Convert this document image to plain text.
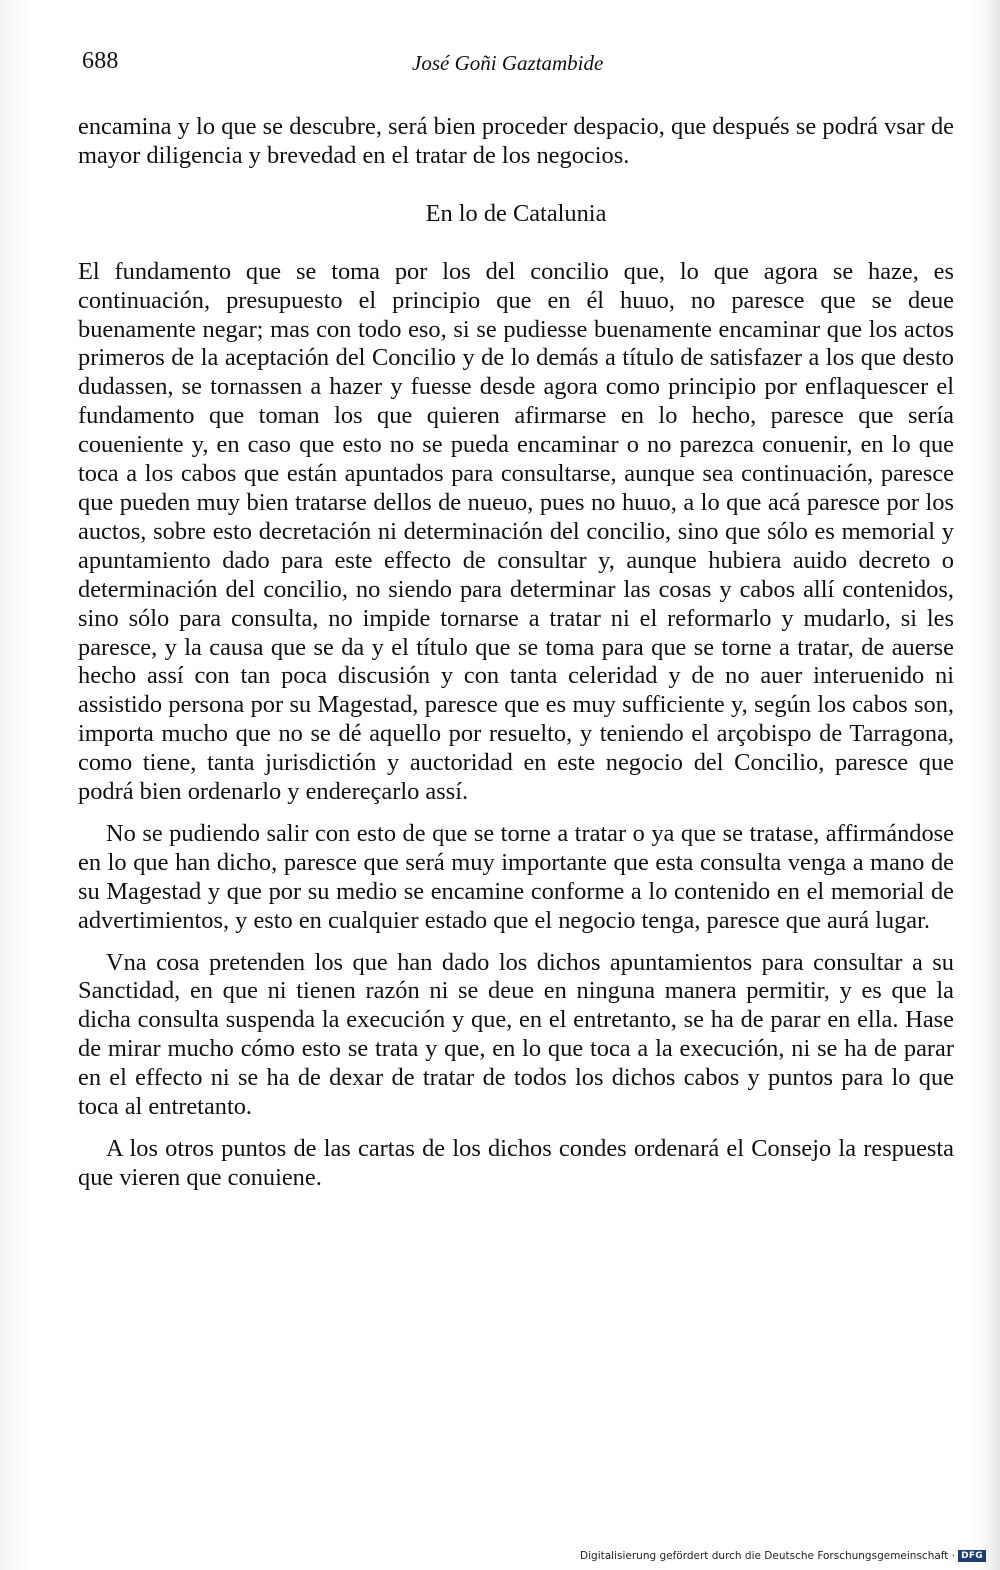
688	José Goñi Gaztambide

encamina y lo que se descubre, será bien proceder despacio, que después se podrá vsar de mayor diligencia y brevedad en el tratar de los negocios.

En lo de Catalunia

El fundamento que se toma por los del concilio que, lo que agora se haze, es continuación, presupuesto el principio que en él huuo, no paresce que se deue buenamente negar; mas con todo eso, si se pudiesse buenamente encaminar que los actos primeros de la aceptación del Concilio y de lo demás a título de satisfazer a los que desto dudassen, se tornassen a hazer y fuesse desde agora como principio por enflaquescer el fundamento que toman los que quieren afirmarse en lo hecho, paresce que sería coueniente y, en caso que esto no se pueda encaminar o no parezca conuenir, en lo que toca a los cabos que están apuntados para consultarse, aunque sea continuación, paresce que pueden muy bien tratarse dellos de nueuo, pues no huuo, a lo que acá paresce por los auctos, sobre esto decretación ni determinación del concilio, sino que sólo es memorial y apuntamiento dado para este effecto de consultar y, aunque hubiera auido decreto o determinación del concilio, no siendo para determinar las cosas y cabos allí contenidos, sino sólo para consulta, no impide tornarse a tratar ni el reformarlo y mudarlo, si les paresce, y la causa que se da y el título que se toma para que se torne a tratar, de auerse hecho assí con tan poca discusión y con tanta celeridad y de no auer interuenido ni assistido persona por su Magestad, paresce que es muy sufficiente y, según los cabos son, importa mucho que no se dé aquello por resuelto, y teniendo el arçobispo de Tarragona, como tiene, tanta jurisdictión y auctoridad en este negocio del Concilio, paresce que podrá bien ordenarlo y endereçarlo assí.

No se pudiendo salir con esto de que se torne a tratar o ya que se tratase, affirmándose en lo que han dicho, paresce que será muy importante que esta consulta venga a mano de su Magestad y que por su medio se encamine conforme a lo contenido en el memorial de advertimientos, y esto en cualquier estado que el negocio tenga, paresce que aurá lugar.

Vna cosa pretenden los que han dado los dichos apuntamientos para consultar a su Sanctidad, en que ni tienen razón ni se deue en ninguna manera permitir, y es que la dicha consulta suspenda la execución y que, en el entretanto, se ha de parar en ella. Hase de mirar mucho cómo esto se trata y que, en lo que toca a la execución, ni se ha de parar en el effecto ni se ha de dexar de tratar de todos los dichos cabos y puntos para lo que toca al entretanto.

A los otros puntos de las cartas de los dichos condes ordenará el Consejo la respuesta que vieren que conuiene.

Digitalisierung gefördert durch die Deutsche Forschungsgemeinschaft · DFG
